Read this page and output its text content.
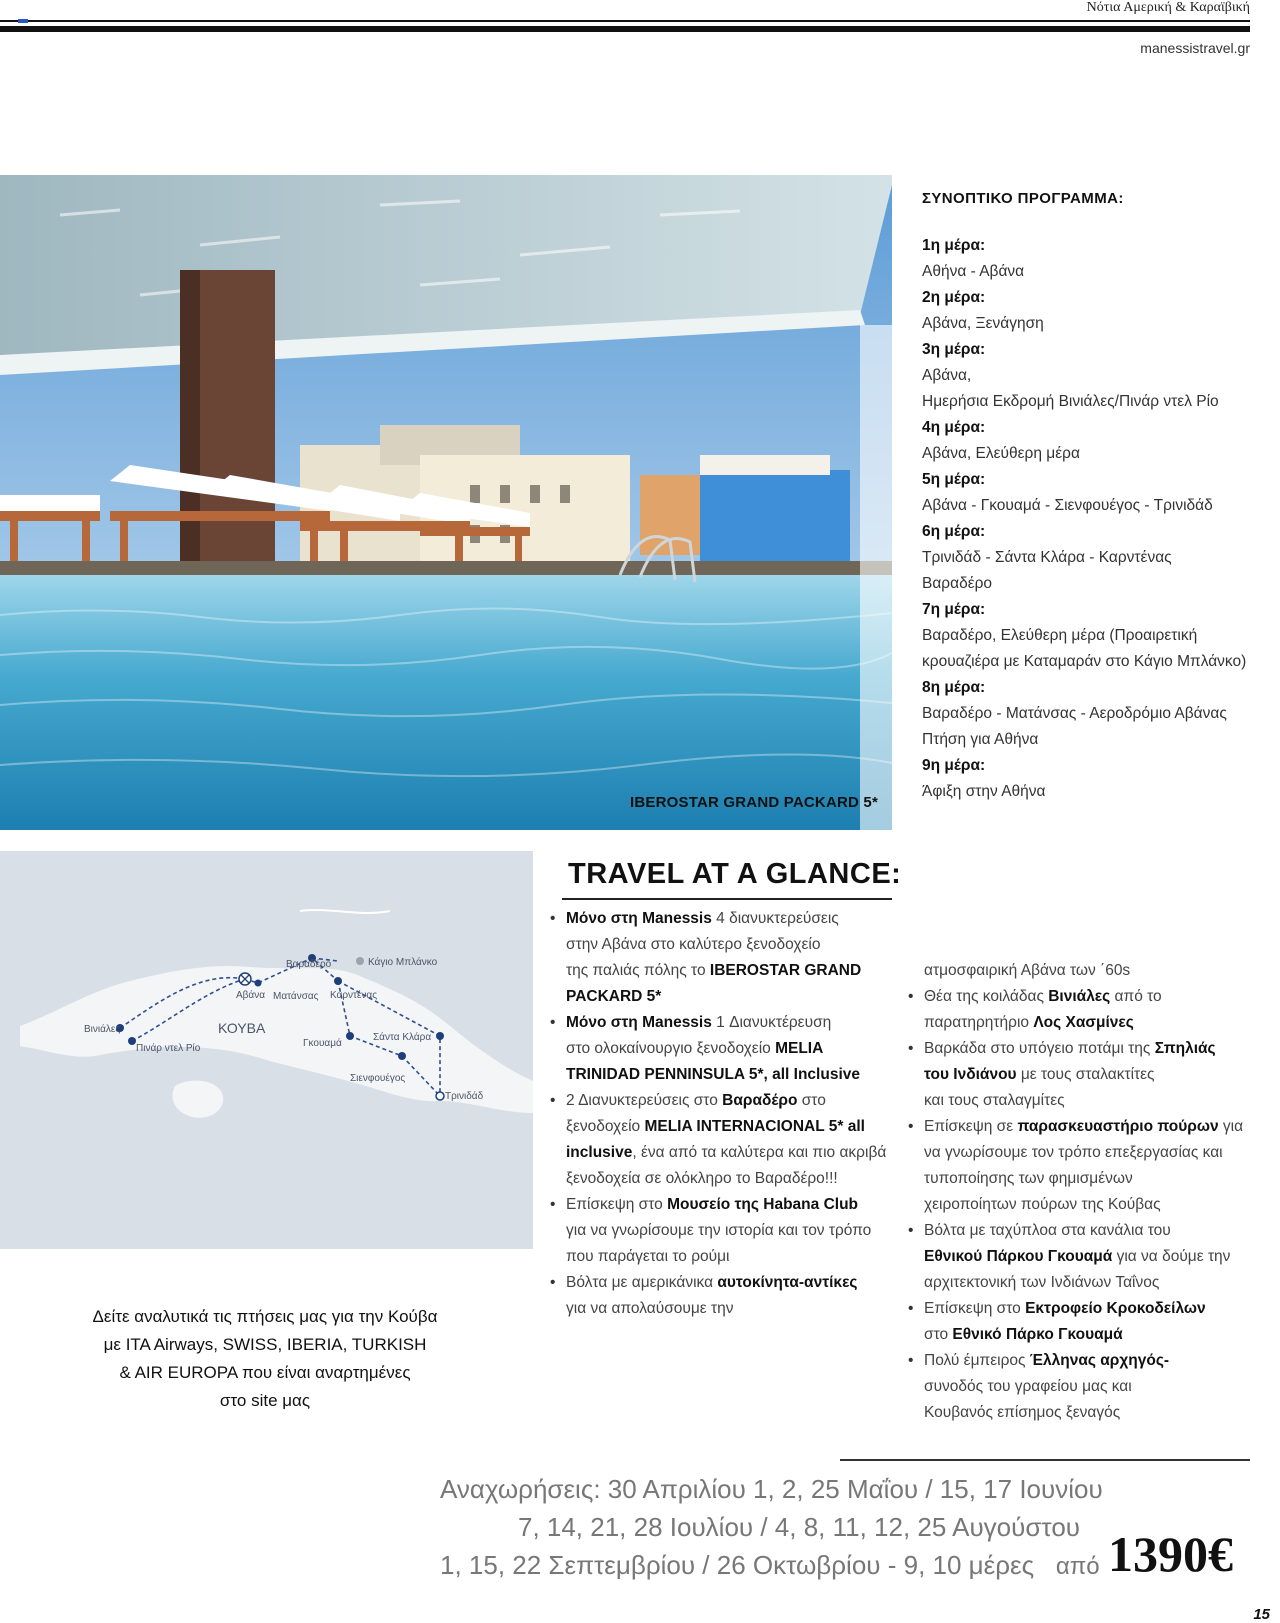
Νότια Αμερική & Καραϊβική
manessistravel.gr
IBEROSTAR GRAND PACKARD 5*
ΣΥΝΟΠΤΙΚΟ ΠΡΟΓΡΑΜΜΑ:
1η μέρα:
Αθήνα - Αβάνα
2η μέρα:
Αβάνα, Ξενάγηση
3η μέρα:
Αβάνα,
Ημερήσια Εκδρομή Βινιάλες/Πινάρ ντελ Ρίο
4η μέρα:
Αβάνα, Ελεύθερη μέρα
5η μέρα:
Αβάνα - Γκουαμά - Σιενφουέγος - Τρινιδάδ
6η μέρα:
Τρινιδάδ - Σάντα Κλάρα - Καρντένας
Βαραδέρο
7η μέρα:
Βαραδέρο, Ελεύθερη μέρα (Προαιρετική
κρουαζιέρα με Καταμαράν στο Κάγιο Μπλάνκο)
8η μέρα:
Βαραδέρο - Ματάνσας - Αεροδρόμιο Αβάνας
Πτήση για Αθήνα
9η μέρα:
Άφιξη στην Αθήνα
Βαραδέρο	Κάγιο Μπλάνκο
Αβάνα Ματάνσας Καρντένας
Βινιάλες
Πινάρ ντελ Ρίο
ΚΟΥΒΑ
Γκουαμά
Σάντα Κλάρα
Σιενφουέγος
Τρινιδάδ
Δείτε αναλυτικά τις πτήσεις μας για την Κούβα
με ITA Airways, SWISS, IBERIA, TURKISH
& AIR EUROPA που είναι αναρτημένες
στο site μας
TRAVEL AT A GLANCE:
• Μόνο στη Manessis 4 διανυκτερεύσεις
στην Αβάνα στο καλύτερο ξενοδοχείο
της παλιάς πόλης το IBEROSTAR GRAND
PACKARD 5*
• Μόνο στη Manessis 1 Διανυκτέρευση
στο ολοκαίνουργιο ξενοδοχείο MELIA
TRINIDAD PENNINSULA 5*, all Inclusive
• 2 Διανυκτερεύσεις στο Βαραδέρο στο
ξενοδοχείο MELIA INTERNACIONAL 5* all
inclusive, ένα από τα καλύτερα και πιο ακριβά
ξενοδοχεία σε ολόκληρο το Βαραδέρο!!!
• Επίσκεψη στο Μουσείο της Habana Club
για να γνωρίσουμε την ιστορία και τον τρόπο
που παράγεται το ρούμι
• Βόλτα με αμερικάνικα αυτοκίνητα-αντίκες
για να απολαύσουμε την
ατμοσφαιρική Αβάνα των ΄60s
• Θέα της κοιλάδας Βινιάλες από το
παρατηρητήριο Λος Χασμίνες
• Βαρκάδα στο υπόγειο ποτάμι της Σπηλιάς
του Ινδιάνου με τους σταλακτίτες
και τους σταλαγμίτες
• Επίσκεψη σε παρασκευαστήριο πούρων για
να γνωρίσουμε τον τρόπο επεξεργασίας και
τυποποίησης των φημισμένων
χειροποίητων πούρων της Κούβας
• Βόλτα με ταχύπλοα στα κανάλια του
Εθνικού Πάρκου Γκουαμά για να δούμε την
αρχιτεκτονική των Ινδιάνων Ταΐνος
• Επίσκεψη στο Εκτροφείο Κροκοδείλων
στο Εθνικό Πάρκο Γκουαμά
• Πολύ έμπειρος Έλληνας αρχηγός-
συνοδός του γραφείου μας και
Κουβανός επίσημος ξεναγός
Αναχωρήσεις: 30 Απριλίου 1, 2, 25 Μαΐου / 15, 17 Ιουνίου
7, 14, 21, 28 Ιουλίου / 4, 8, 11, 12, 25 Αυγούστου
1, 15, 22 Σεπτεμβρίου / 26 Οκτωβρίου - 9, 10 μέρες από 1390€
15
